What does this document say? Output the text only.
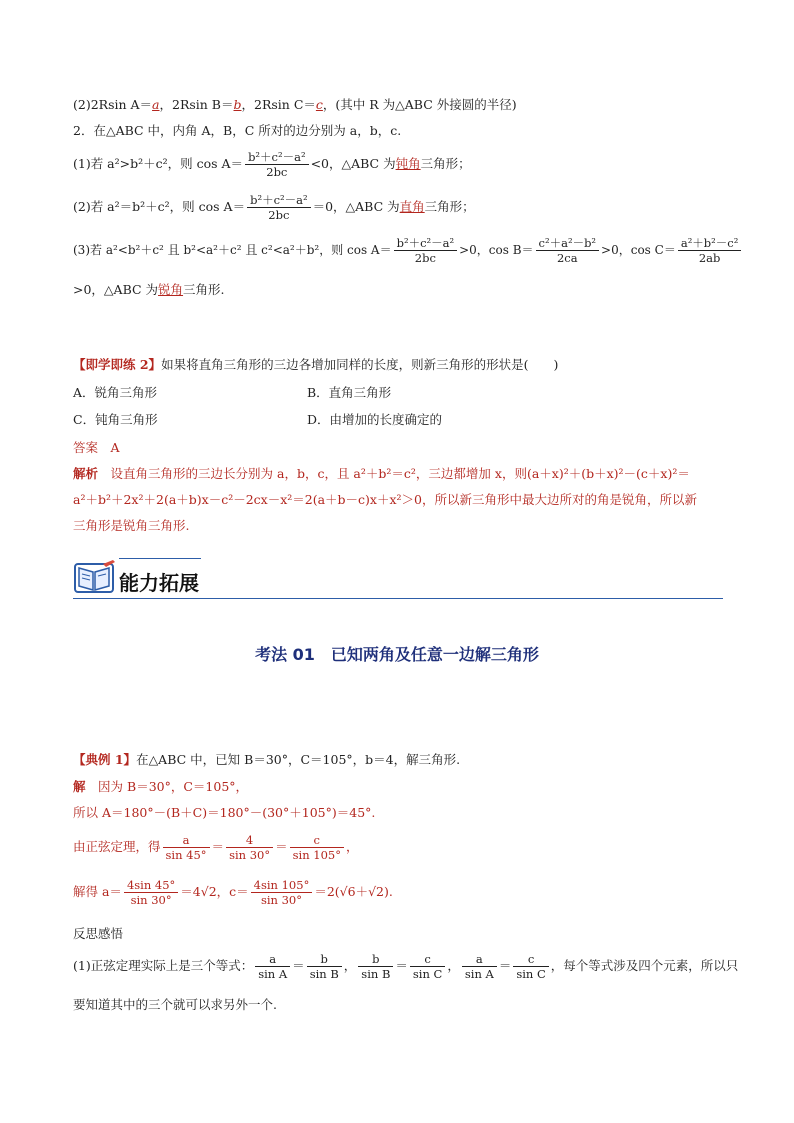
(2)2Rsin A＝a，2Rsin B＝b，2Rsin C＝c，(其中 R 为△ABC 外接圆的半径)
2．在△ABC 中，内角 A，B，C 所对的边分别为 a，b，c.
(1)若 a²>b²＋c²，则 $\cos A= \frac{\text{b²＋c²－a²}}{2bc} <0$，△ABC 为钝角三角形；
(2)若 a²＝b²＋c²，则 $\cos A= \frac{\text{b²＋c²－a²}}{2bc} =0$，△ABC 为直角三角形；
(3)若 a²<b²＋c² 且 b²<a²＋c² 且 c²<a²＋b²，则 $\cos A= \frac{\text{b²＋c²－a²}}{2bc} >0$，$\cos B= \frac{\text{c²＋a²－b²}}{2ca} >0$，$\cos C= \frac{\text{a²＋b²－c²}}{2ab}$
>0，△ABC 为锐角三角形.
【即学即练 2】如果将直角三角形的三边各增加同样的长度，则新三角形的形状是(　　)
A．锐角三角形	B．直角三角形
C．钝角三角形	D．由增加的长度确定的
答案　 A
解析　 设直角三角形的三边长分别为 a，b，c，且 a²＋b²＝c²，三边都增加 x，则(a＋x)²＋(b＋x)²－(c＋x)²＝
a²＋b²＋2x²＋2(a＋b)x－c²－2cx－x²＝2(a＋b－c)x＋x²＞0，所以新三角形中最大边所对的角是锐角，所以新
三角形是锐角三角形.
能力拓展
考法 01　已知两角及任意一边解三角形
【典例 1】在△ABC 中，已知 B＝30°，C＝105°，b＝4，解三角形.
解　 因为 B＝30°，C＝105°，
所以 A＝180°－(B＋C)＝180°－(30°＋105°)＝45°.
由正弦定理，得 $\frac{a}{\sin 45^\circ} = \frac{4}{\sin 30^\circ} = \frac{c}{\sin 105^\circ}$ ，
解得 $a= \frac{4\sin 45^\circ}{\sin 30^\circ} =4√2$，$c= \frac{4\sin 105^\circ}{\sin 30^\circ} =2(√6+√2)$.
反思感悟
(1)正弦定理实际上是三个等式： $\frac{a}{\text{sin A}} = \frac{b}{\text{sin B}}$ ， $\frac{b}{\text{sin B}} = \frac{c}{\text{sin C}}$ ， $\frac{a}{\text{sin A}} = \frac{c}{\text{sin C}}$ ，每个等式涉及四个元素，所以只
要知道其中的三个就可以求另外一个.
